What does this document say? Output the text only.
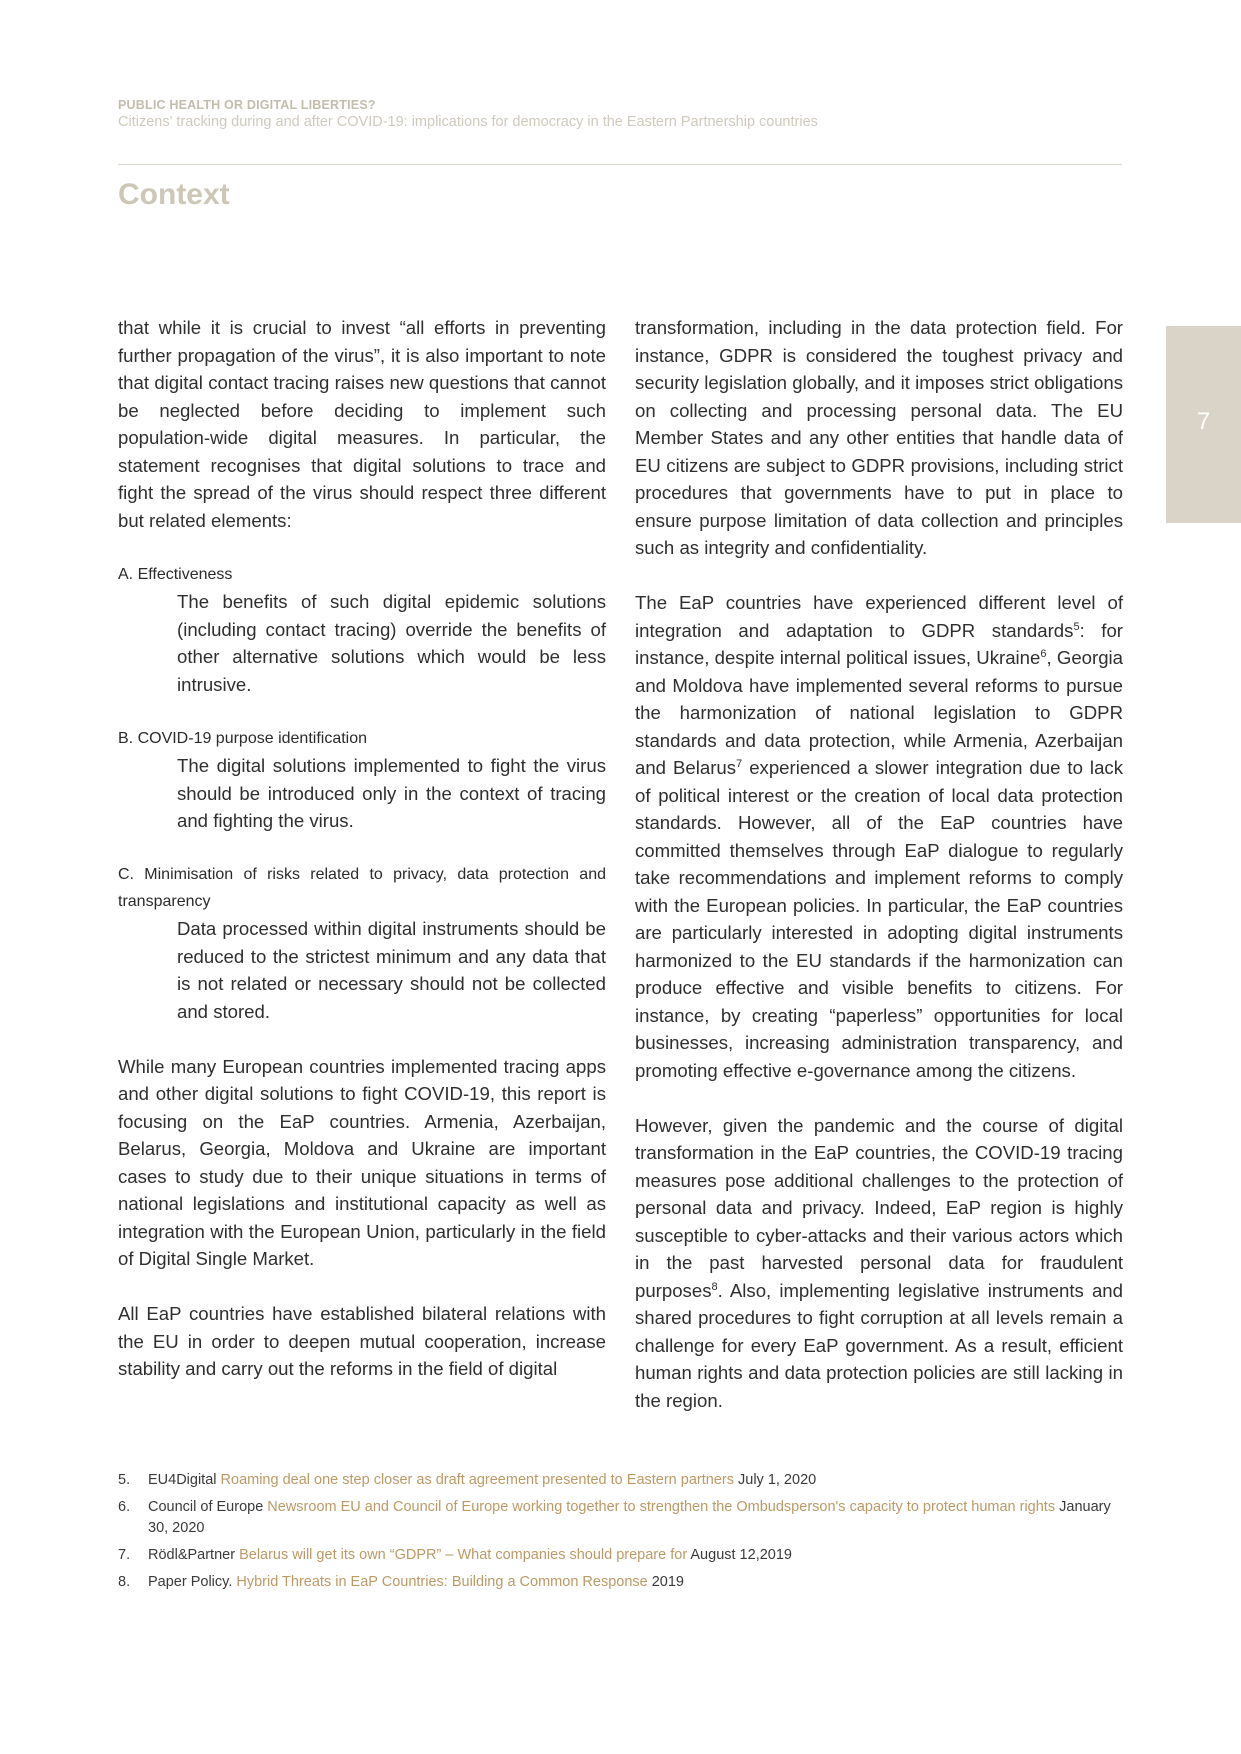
PUBLIC HEALTH OR DIGITAL LIBERTIES?
Citizens' tracking during and after COVID-19: implications for democracy in the Eastern Partnership countries
Context
7

that while it is crucial to invest “all efforts in preventing further propagation of the virus”, it is also important to note that digital contact tracing raises new questions that cannot be neglected before deciding to implement such population-wide digital measures. In particular, the statement recognises that digital solutions to trace and fight the spread of the virus should respect three different but related elements:

A. Effectiveness

The benefits of such digital epidemic solutions (including contact tracing) override the benefits of other alternative solutions which would be less intrusive.

B. COVID-19 purpose identification

The digital solutions implemented to fight the virus should be introduced only in the context of tracing and fighting the virus.

C. Minimisation of risks related to privacy, data protection and transparency

Data processed within digital instruments should be reduced to the strictest minimum and any data that is not related or necessary should not be collected and stored.

While many European countries implemented tracing apps and other digital solutions to fight COVID-19, this report is focusing on the EaP countries. Armenia, Azerbaijan, Belarus, Georgia, Moldova and Ukraine are important cases to study due to their unique situations in terms of national legislations and institutional capacity as well as integration with the European Union, particularly in the field of Digital Single Market.

All EaP countries have established bilateral relations with the EU in order to deepen mutual cooperation, increase stability and carry out the reforms in the field of digital

transformation, including in the data protection field. For instance, GDPR is considered the toughest privacy and security legislation globally, and it imposes strict obligations on collecting and processing personal data. The EU Member States and any other entities that handle data of EU citizens are subject to GDPR provisions, including strict procedures that governments have to put in place to ensure purpose limitation of data collection and principles such as integrity and confidentiality.

The EaP countries have experienced different level of integration and adaptation to GDPR standards$^5$: for instance, despite internal political issues, Ukraine$^6$, Georgia and Moldova have implemented several reforms to pursue the harmonization of national legislation to GDPR standards and data protection, while Armenia, Azerbaijan and Belarus$^7$ experienced a slower integration due to lack of political interest or the creation of local data protection standards. However, all of the EaP countries have committed themselves through EaP dialogue to regularly take recommendations and implement reforms to comply with the European policies. In particular, the EaP countries are particularly interested in adopting digital instruments harmonized to the EU standards if the harmonization can produce effective and visible benefits to citizens. For instance, by creating “paperless” opportunities for local businesses, increasing administration transparency, and promoting effective e-governance among the citizens.

However, given the pandemic and the course of digital transformation in the EaP countries, the COVID-19 tracing measures pose additional challenges to the protection of personal data and privacy. Indeed, EaP region is highly susceptible to cyber-attacks and their various actors which in the past harvested personal data for fraudulent purposes$^8$. Also, implementing legislative instruments and shared procedures to fight corruption at all levels remain a challenge for every EaP government. As a result, efficient human rights and data protection policies are still lacking in the region.

5. EU4Digital Roaming deal one step closer as draft agreement presented to Eastern partners July 1, 2020
6. Council of Europe Newsroom EU and Council of Europe working together to strengthen the Ombudsperson's capacity to protect human rights January 30, 2020
7. Rödl&Partner Belarus will get its own “GDPR” – What companies should prepare for August 12,2019
8. Paper Policy. Hybrid Threats in EaP Countries: Building a Common Response 2019
